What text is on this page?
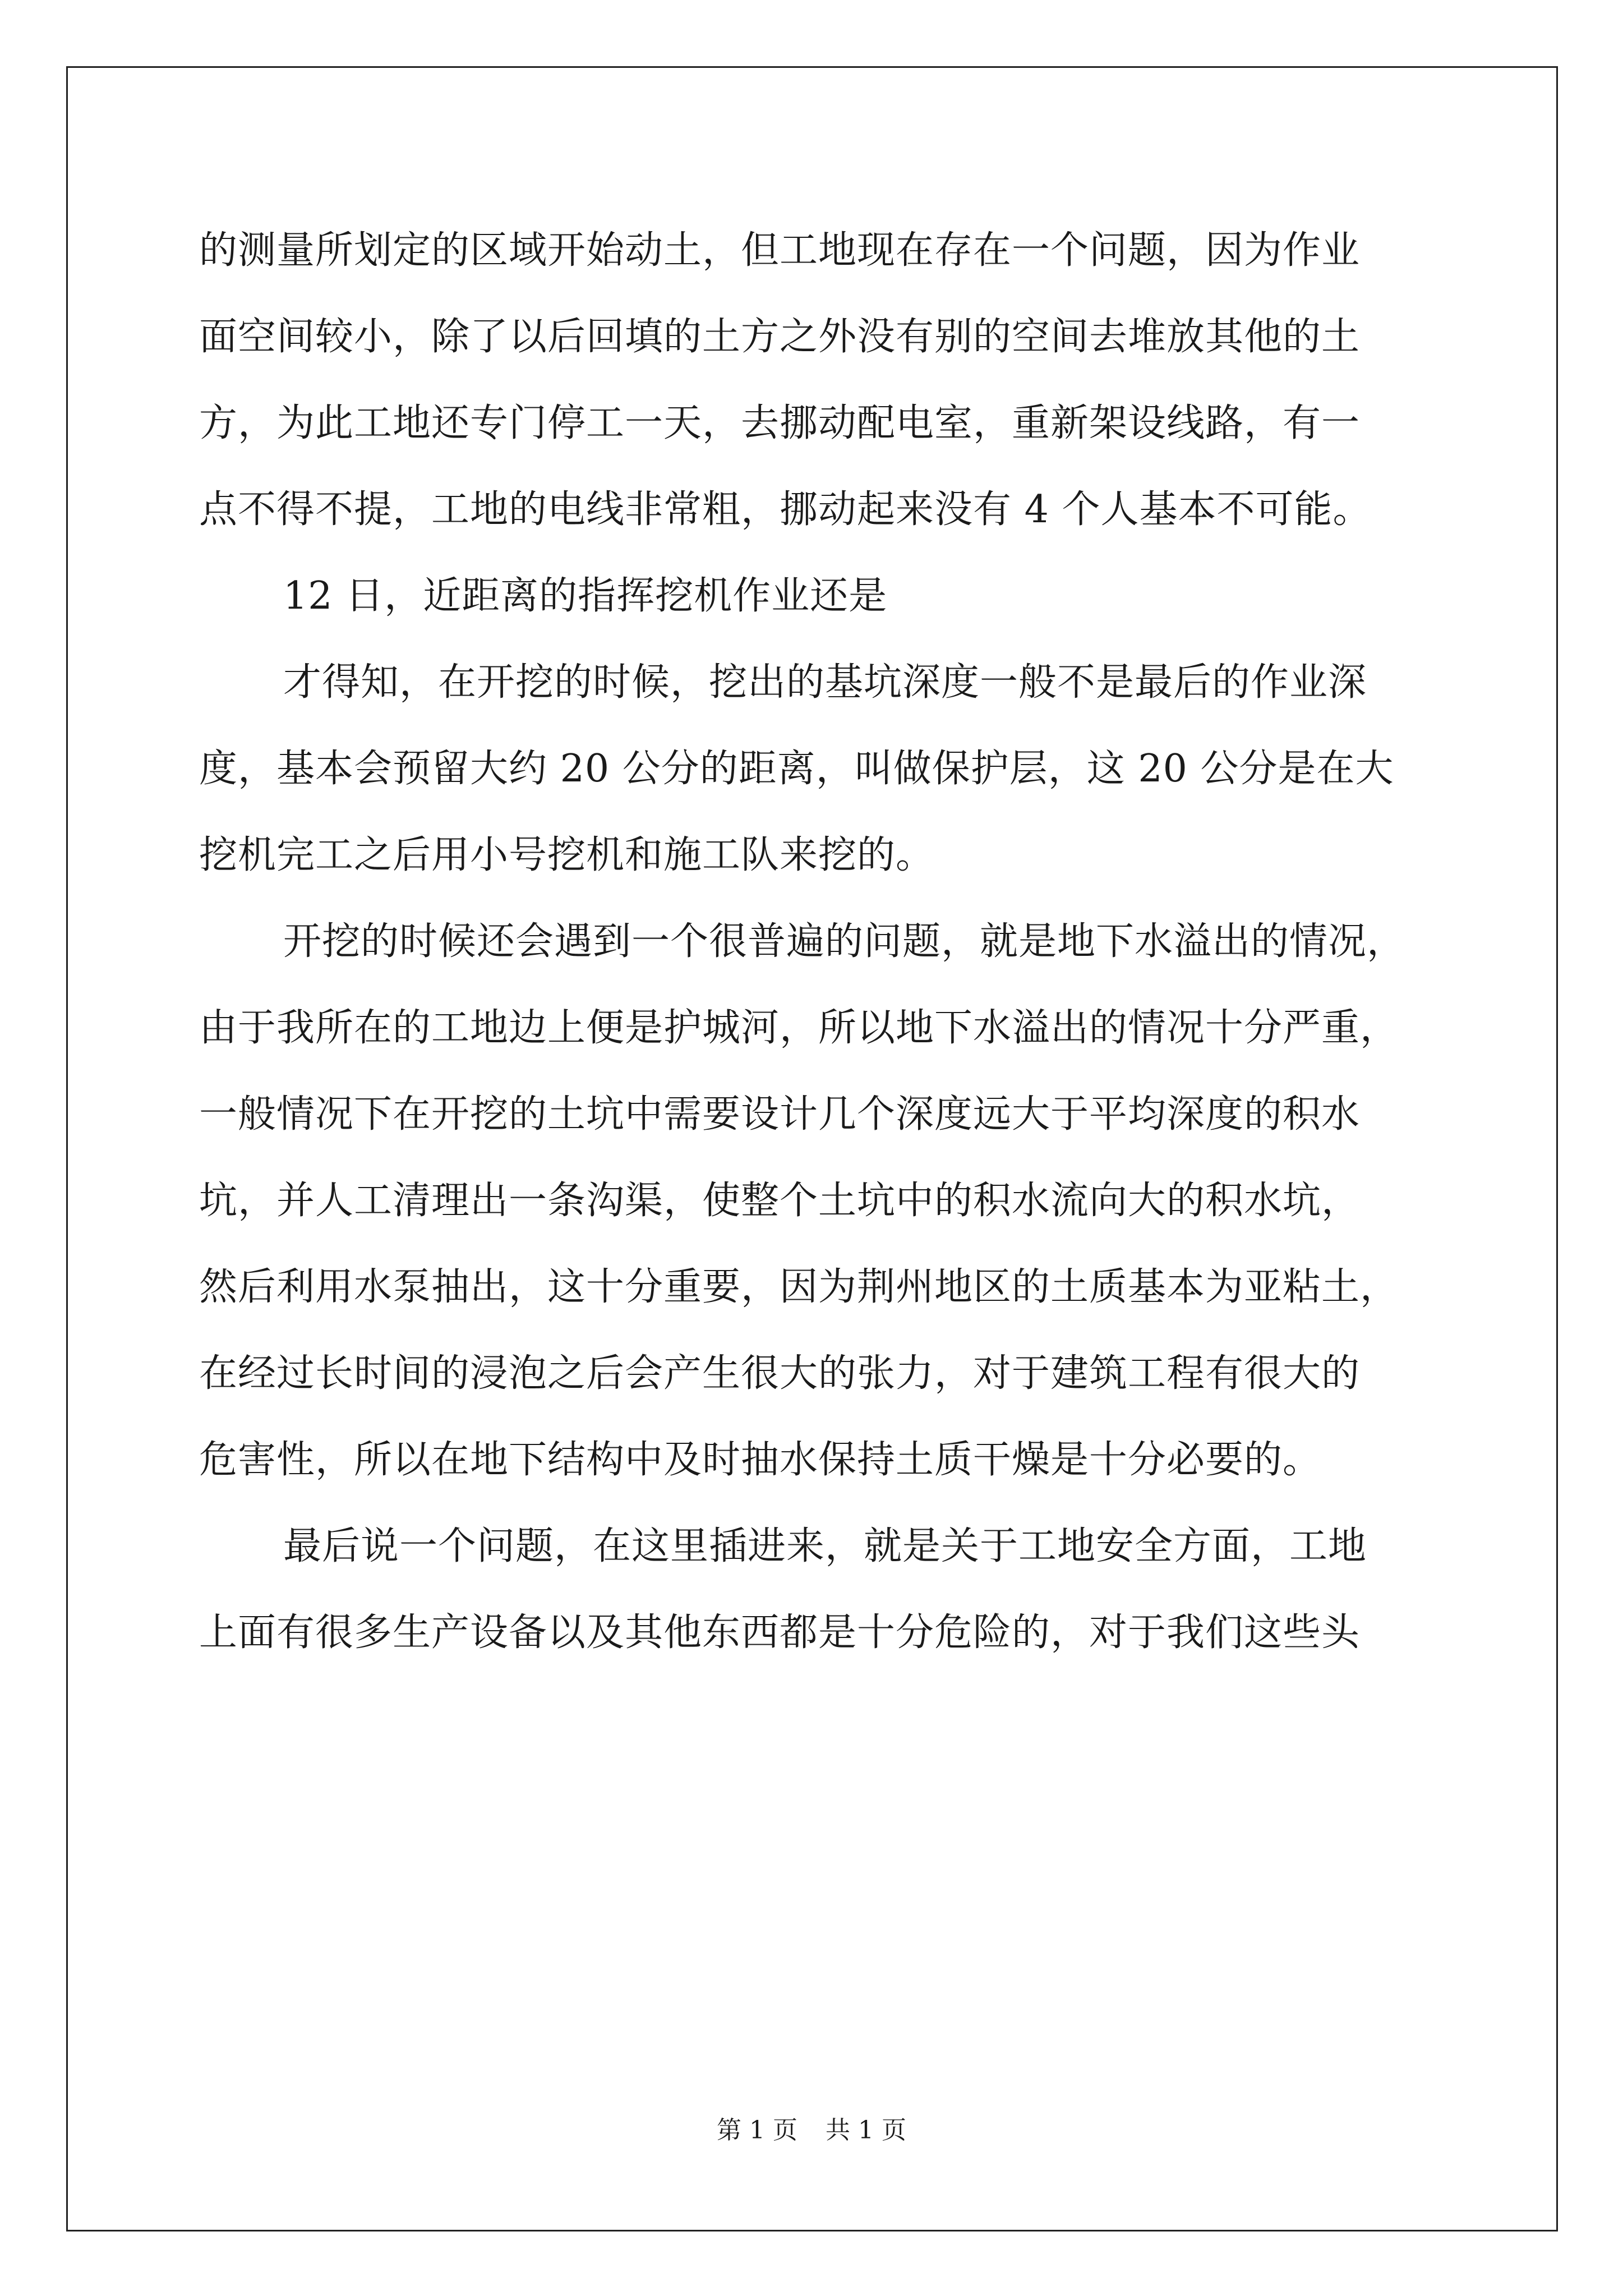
的测量所划定的区域开始动土，但工地现在存在一个问题，因为作业
面空间较小，除了以后回填的土方之外没有别的空间去堆放其他的土
方，为此工地还专门停工一天，去挪动配电室，重新架设线路，有一
点不得不提，工地的电线非常粗，挪动起来没有 4 个人基本不可能。
12 日，近距离的指挥挖机作业还是
才得知，在开挖的时候，挖出的基坑深度一般不是最后的作业深
度，基本会预留大约 20 公分的距离，叫做保护层，这 20 公分是在大
挖机完工之后用小号挖机和施工队来挖的。
开挖的时候还会遇到一个很普遍的问题，就是地下水溢出的情况，
由于我所在的工地边上便是护城河，所以地下水溢出的情况十分严重，
一般情况下在开挖的土坑中需要设计几个深度远大于平均深度的积水
坑，并人工清理出一条沟渠，使整个土坑中的积水流向大的积水坑，
然后利用水泵抽出，这十分重要，因为荆州地区的土质基本为亚粘土，
在经过长时间的浸泡之后会产生很大的张力，对于建筑工程有很大的
危害性，所以在地下结构中及时抽水保持土质干燥是十分必要的。
最后说一个问题，在这里插进来，就是关于工地安全方面，工地
上面有很多生产设备以及其他东西都是十分危险的，对于我们这些头
第 1 页 共 1 页
